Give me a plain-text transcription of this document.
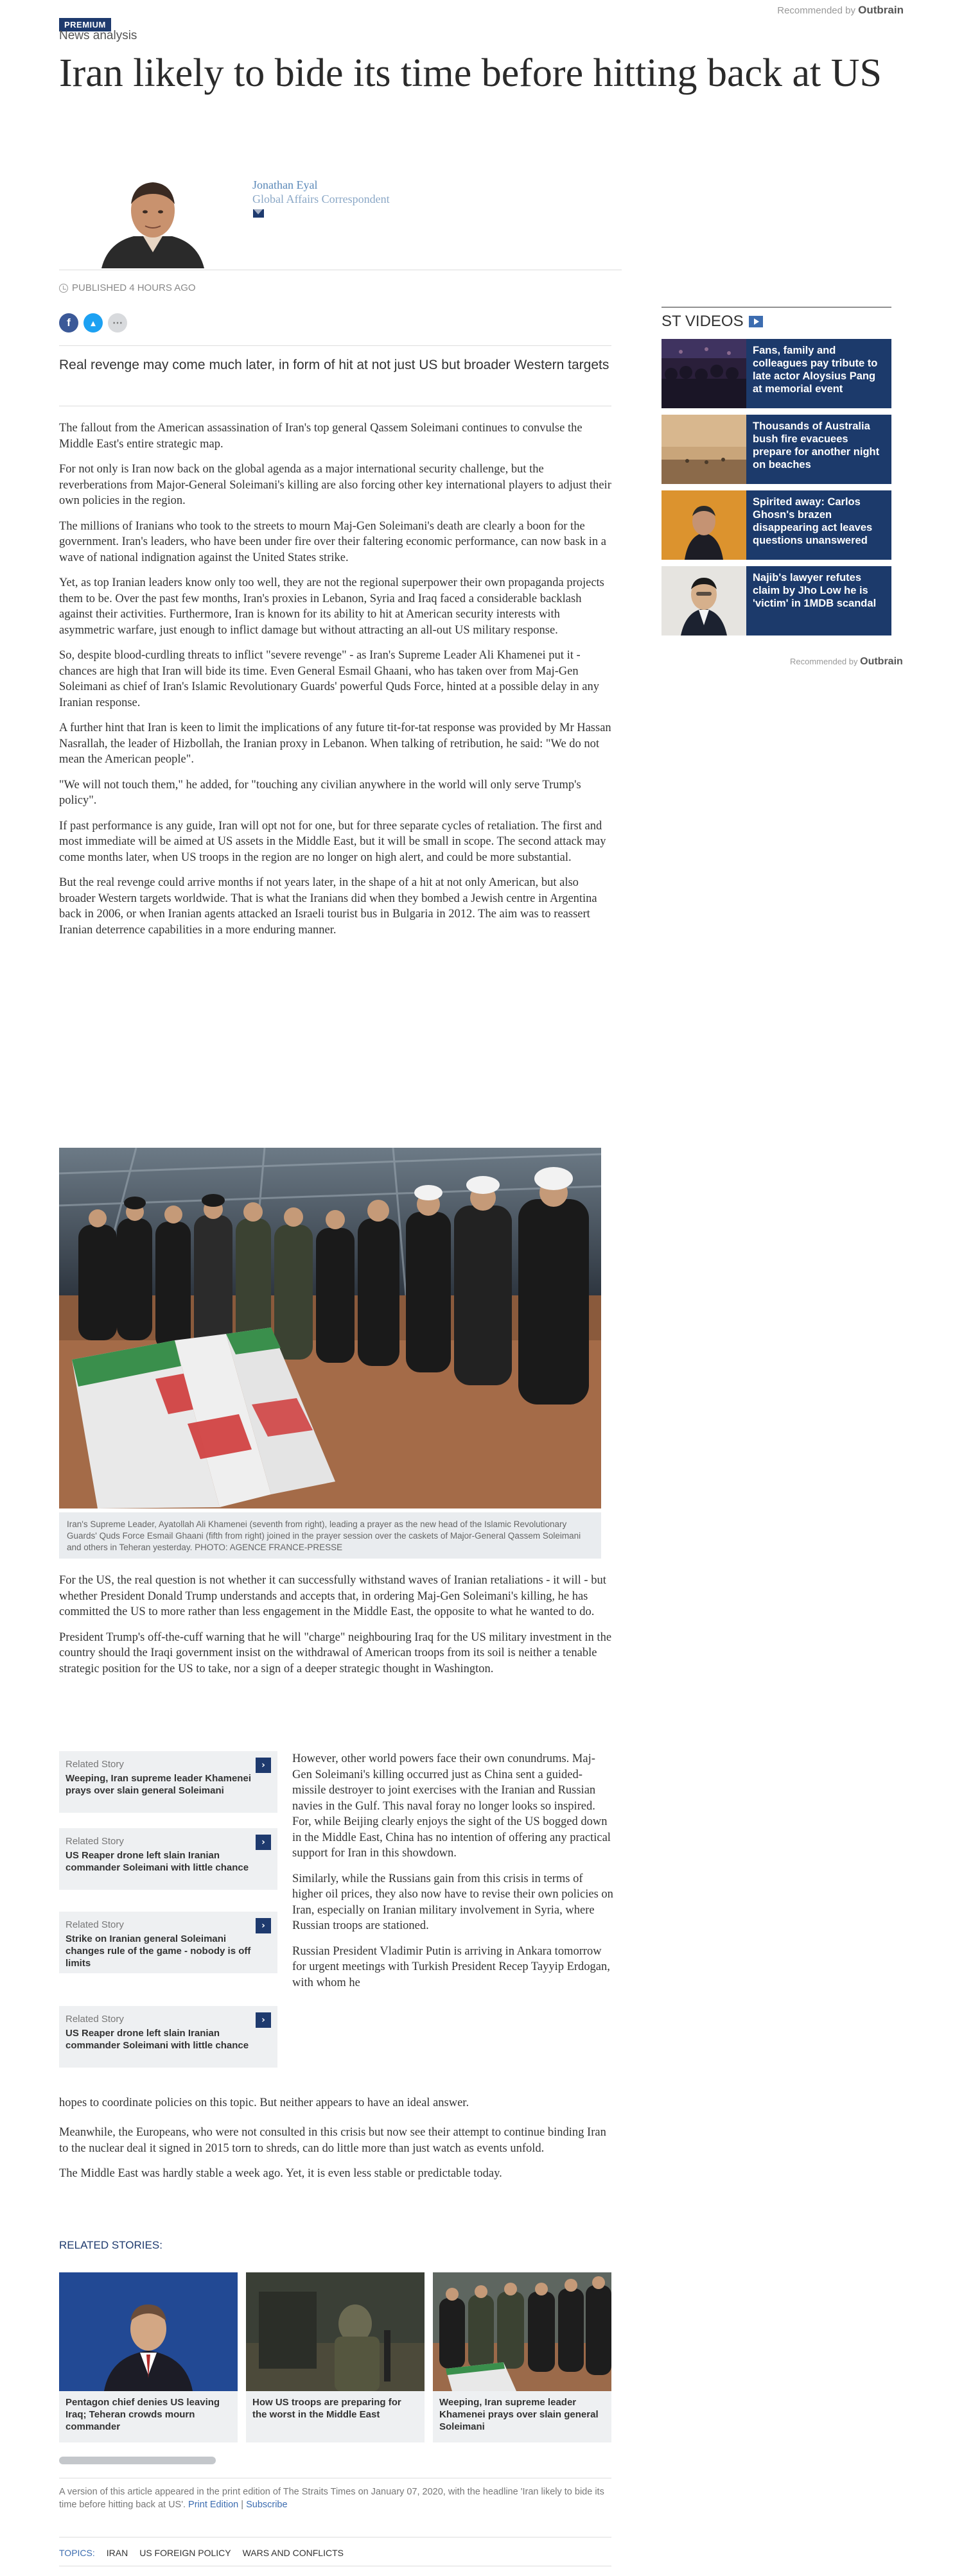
Recommended by Outbrain
PREMIUM
News analysis
Iran likely to bide its time before hitting back at US
Jonathan Eyal
Global Affairs Correspondent
PUBLISHED 4 HOURS AGO
f ▴ ⋯
Real revenge may come much later, in form of hit at not just US but broader Western targets

The fallout from the American assassination of Iran's top general Qassem Soleimani continues to convulse the Middle East's entire strategic map.

For not only is Iran now back on the global agenda as a major international security challenge, but the reverberations from Major-General Soleimani's killing are also forcing other key international players to adjust their own policies in the region.

The millions of Iranians who took to the streets to mourn Maj-Gen Soleimani's death are clearly a boon for the government. Iran's leaders, who have been under fire over their faltering economic performance, can now bask in a wave of national indignation against the United States strike.

Yet, as top Iranian leaders know only too well, they are not the regional superpower their own propaganda projects them to be. Over the past few months, Iran's proxies in Lebanon, Syria and Iraq faced a considerable backlash against their activities. Furthermore, Iran is known for its ability to hit at American security interests with asymmetric warfare, just enough to inflict damage but without attracting an all-out US military response.

So, despite blood-curdling threats to inflict "severe revenge" - as Iran's Supreme Leader Ali Khamenei put it - chances are high that Iran will bide its time. Even General Esmail Ghaani, who has taken over from Maj-Gen Soleimani as chief of Iran's Islamic Revolutionary Guards' powerful Quds Force, hinted at a possible delay in any Iranian response.

A further hint that Iran is keen to limit the implications of any future tit-for-tat response was provided by Mr Hassan Nasrallah, the leader of Hizbollah, the Iranian proxy in Lebanon. When talking of retribution, he said: "We do not mean the American people".

"We will not touch them," he added, for "touching any civilian anywhere in the world will only serve Trump's policy".

If past performance is any guide, Iran will opt not for one, but for three separate cycles of retaliation. The first and most immediate will be aimed at US assets in the Middle East, but it will be small in scope. The second attack may come months later, when US troops in the region are no longer on high alert, and could be more substantial.

But the real revenge could arrive months if not years later, in the shape of a hit at not only American, but also broader Western targets worldwide. That is what the Iranians did when they bombed a Jewish centre in Argentina back in 2006, or when Iranian agents attacked an Israeli tourist bus in Bulgaria in 2012. The aim was to reassert Iranian deterrence capabilities in a more enduring manner.

Iran's Supreme Leader, Ayatollah Ali Khamenei (seventh from right), leading a prayer as the new head of the Islamic Revolutionary Guards' Quds Force Esmail Ghaani (fifth from right) joined in the prayer session over the caskets of Major-General Qassem Soleimani and others in Teheran yesterday. PHOTO: AGENCE FRANCE-PRESSE

For the US, the real question is not whether it can successfully withstand waves of Iranian retaliations - it will - but whether President Donald Trump understands and accepts that, in ordering Maj-Gen Soleimani's killing, he has committed the US to more rather than less engagement in the Middle East, the opposite to what he wanted to do.

President Trump's off-the-cuff warning that he will "charge" neighbouring Iraq for the US military investment in the country should the Iraqi government insist on the withdrawal of American troops from its soil is neither a tenable strategic position for the US to take, nor a sign of a deeper strategic thought in Washington.

Related Story
Weeping, Iran supreme leader Khamenei prays over slain general Soleimani
›
Related Story
US Reaper drone left slain Iranian commander Soleimani with little chance
›
Related Story
Strike on Iranian general Soleimani changes rule of the game - nobody is off limits
›
Related Story
US Reaper drone left slain Iranian commander Soleimani with little chance
›

However, other world powers face their own conundrums. Maj-Gen Soleimani's killing occurred just as China sent a guided-missile destroyer to joint exercises with the Iranian and Russian navies in the Gulf. This naval foray no longer looks so inspired. For, while Beijing clearly enjoys the sight of the US bogged down in the Middle East, China has no intention of offering any practical support for Iran in this showdown.

Similarly, while the Russians gain from this crisis in terms of higher oil prices, they also now have to revise their own policies on Iran, especially on Iranian military involvement in Syria, where Russian troops are stationed.

Russian President Vladimir Putin is arriving in Ankara tomorrow for urgent meetings with Turkish President Recep Tayyip Erdogan, with whom he

hopes to coordinate policies on this topic. But neither appears to have an ideal answer.

Meanwhile, the Europeans, who were not consulted in this crisis but now see their attempt to continue binding Iran to the nuclear deal it signed in 2015 torn to shreds, can do little more than just watch as events unfold.

The Middle East was hardly stable a week ago. Yet, it is even less stable or predictable today.

RELATED STORIES:
Pentagon chief denies US leaving Iraq; Teheran crowds mourn commander
How US troops are preparing for the worst in the Middle East
Weeping, Iran supreme leader Khamenei prays over slain general Soleimani
A version of this article appeared in the print edition of The Straits Times on January 07, 2020, with the headline 'Iran likely to bide its time before hitting back at US'. Print Edition | Subscribe
TOPICS: IRAN US FOREIGN POLICY WARS AND CONFLICTS
ST VIDEOS
Fans, family and colleagues pay tribute to late actor Aloysius Pang at memorial event
Thousands of Australia bush fire evacuees prepare for another night on beaches
Spirited away: Carlos Ghosn's brazen disappearing act leaves questions unanswered
Najib's lawyer refutes claim by Jho Low he is 'victim' in 1MDB scandal
Recommended by Outbrain
